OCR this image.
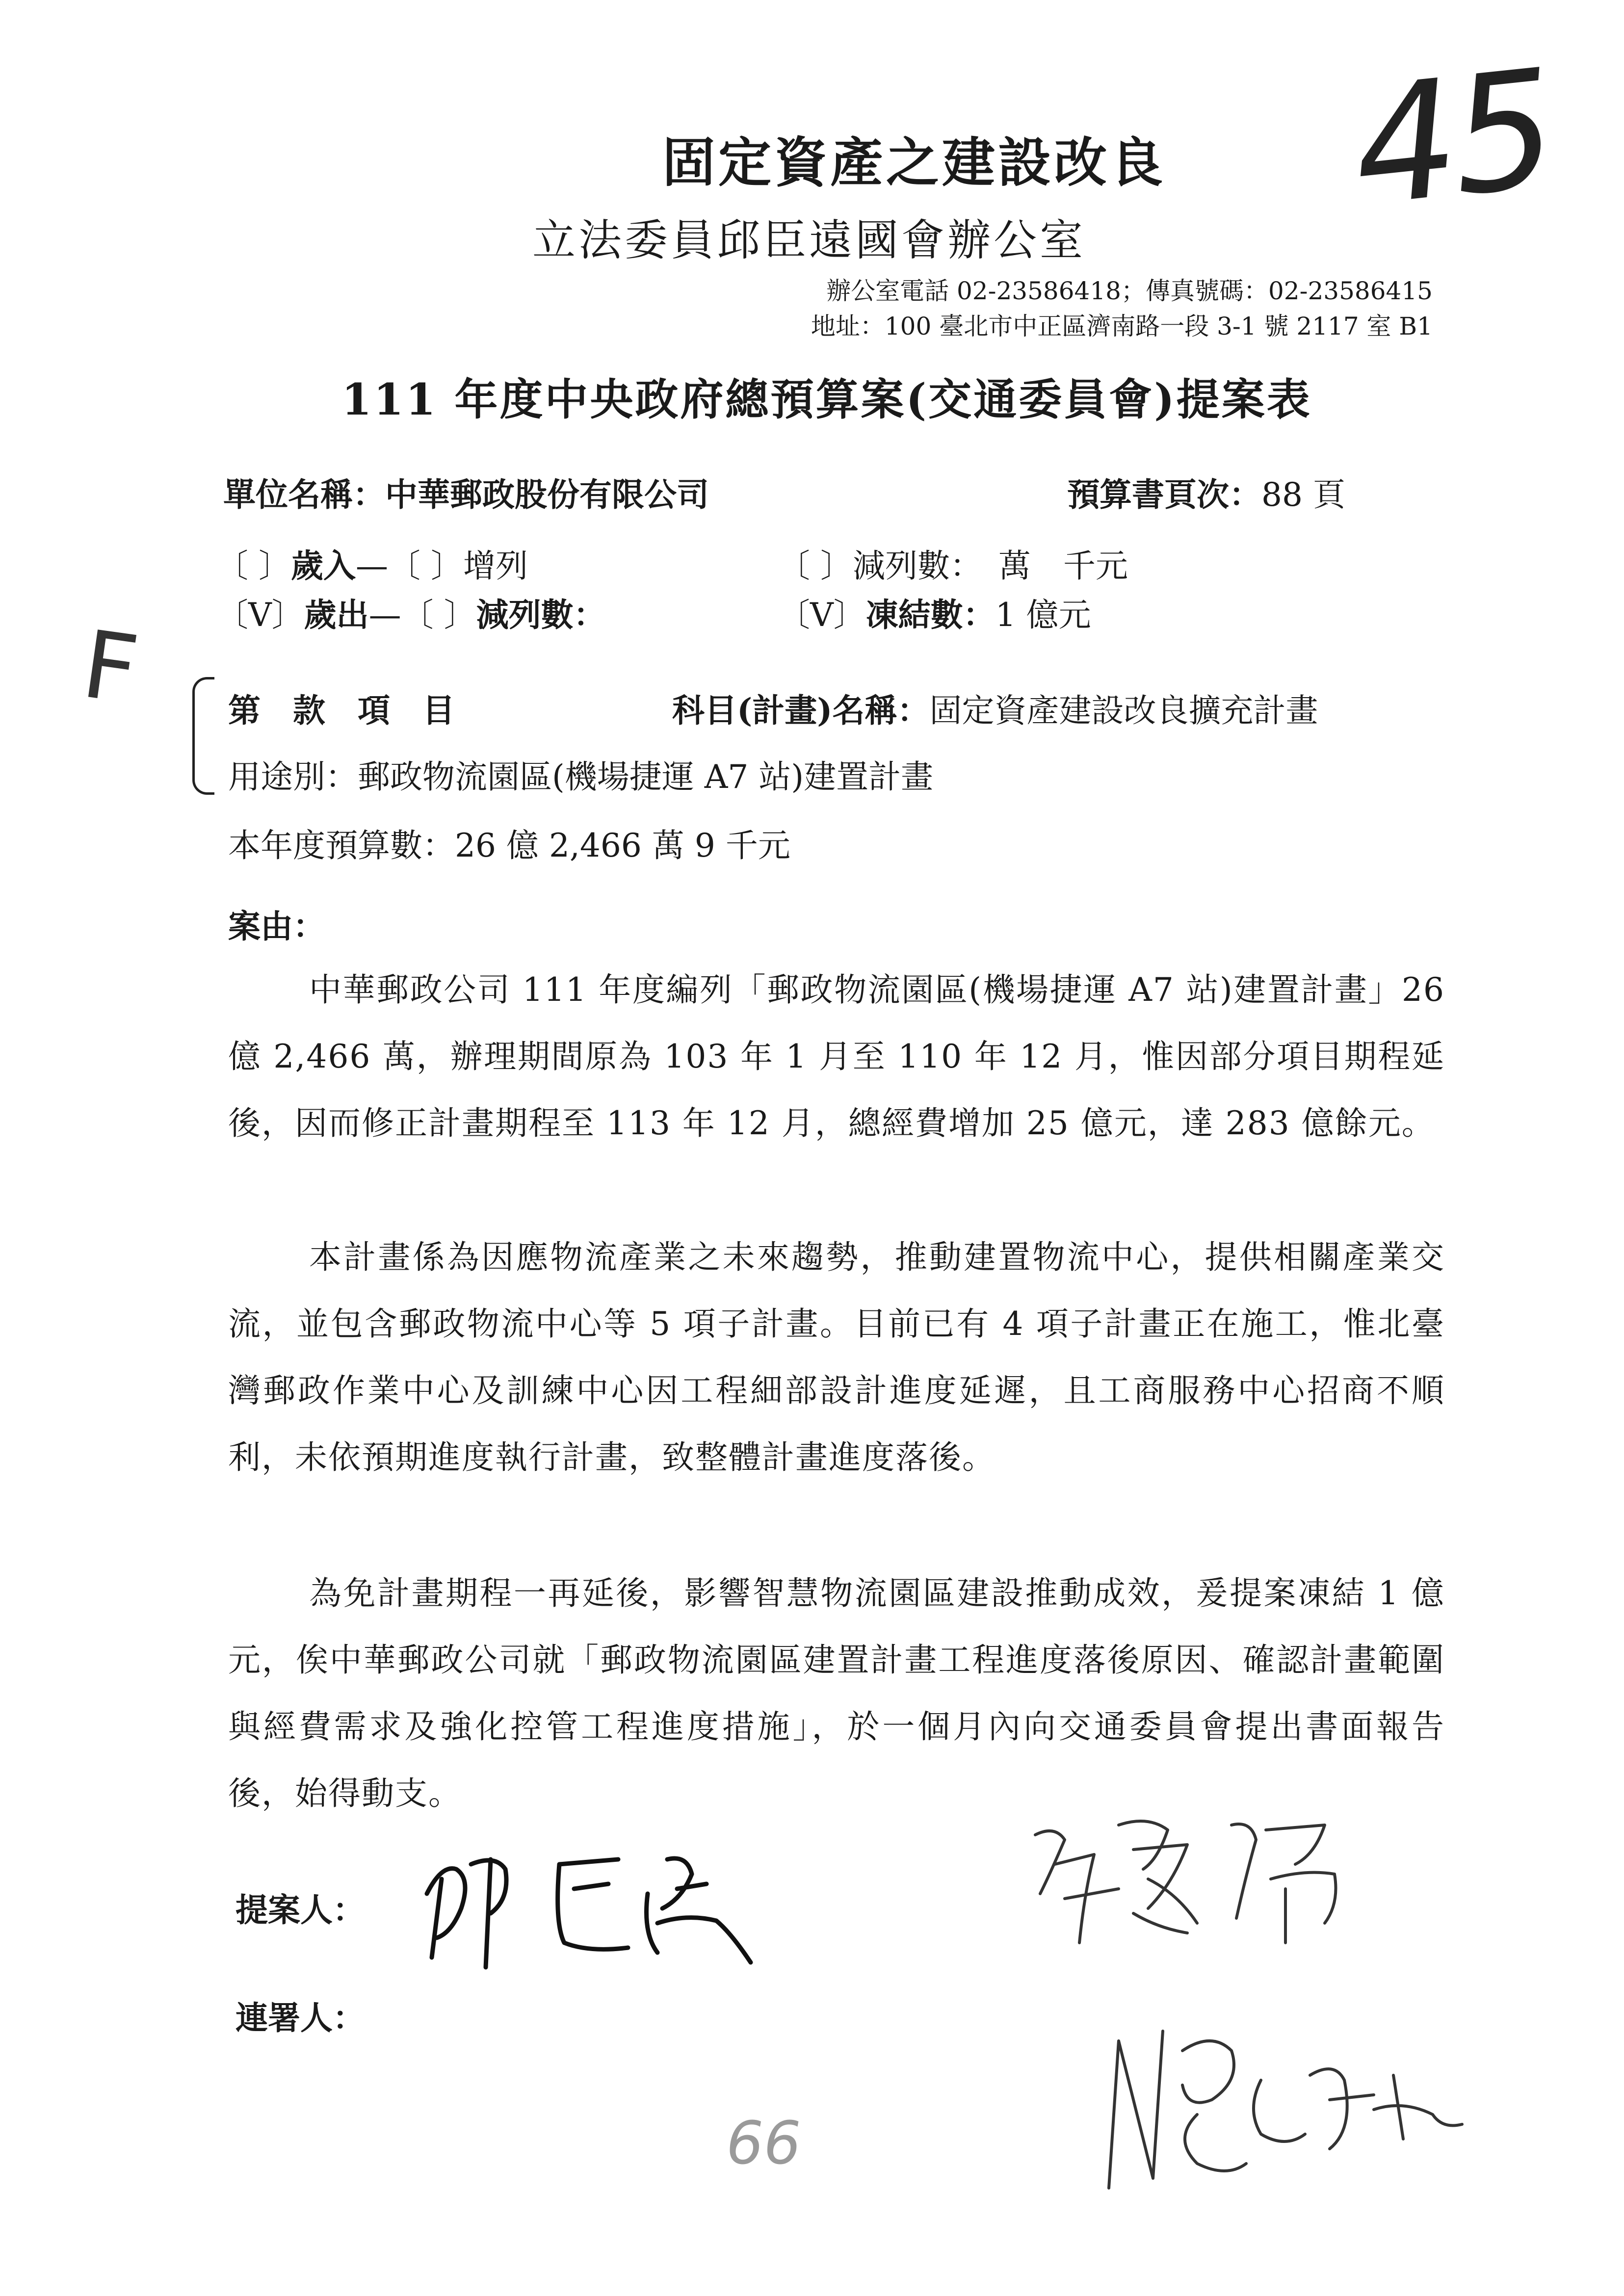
45
F
固定資產之建設改良
立法委員邱臣遠國會辦公室
辦公室電話 02-23586418；傳真號碼：02-23586415
地址：100 臺北市中正區濟南路一段 3-1 號 2117 室 B1
111 年度中央政府總預算案(交通委員會)提案表
單位名稱：中華郵政股份有限公司	預算書頁次：88 頁
〔 〕歲入—〔 〕增列	〔 〕減列數：　萬　千元
〔V〕歲出—〔 〕減列數：	〔V〕凍結數：1 億元
第　款　項　目	科目(計畫)名稱：固定資產建設改良擴充計畫
用途別：郵政物流園區(機場捷運 A7 站)建置計畫
本年度預算數：26 億 2,466 萬 9 千元
案由：
中華郵政公司 111 年度編列「郵政物流園區(機場捷運 A7 站)建置計畫」26 億 2,466 萬，辦理期間原為 103 年 1 月至 110 年 12 月，惟因部分項目期程延後，因而修正計畫期程至 113 年 12 月，總經費增加 25 億元，達 283 億餘元。
本計畫係為因應物流產業之未來趨勢，推動建置物流中心，提供相關產業交流，並包含郵政物流中心等 5 項子計畫。目前已有 4 項子計畫正在施工，惟北臺灣郵政作業中心及訓練中心因工程細部設計進度延遲，且工商服務中心招商不順利，未依預期進度執行計畫，致整體計畫進度落後。
為免計畫期程一再延後，影響智慧物流園區建設推動成效，爰提案凍結 1 億元，俟中華郵政公司就「郵政物流園區建置計畫工程進度落後原因、確認計畫範圍與經費需求及強化控管工程進度措施」，於一個月內向交通委員會提出書面報告後，始得動支。
提案人：
連署人：
66
